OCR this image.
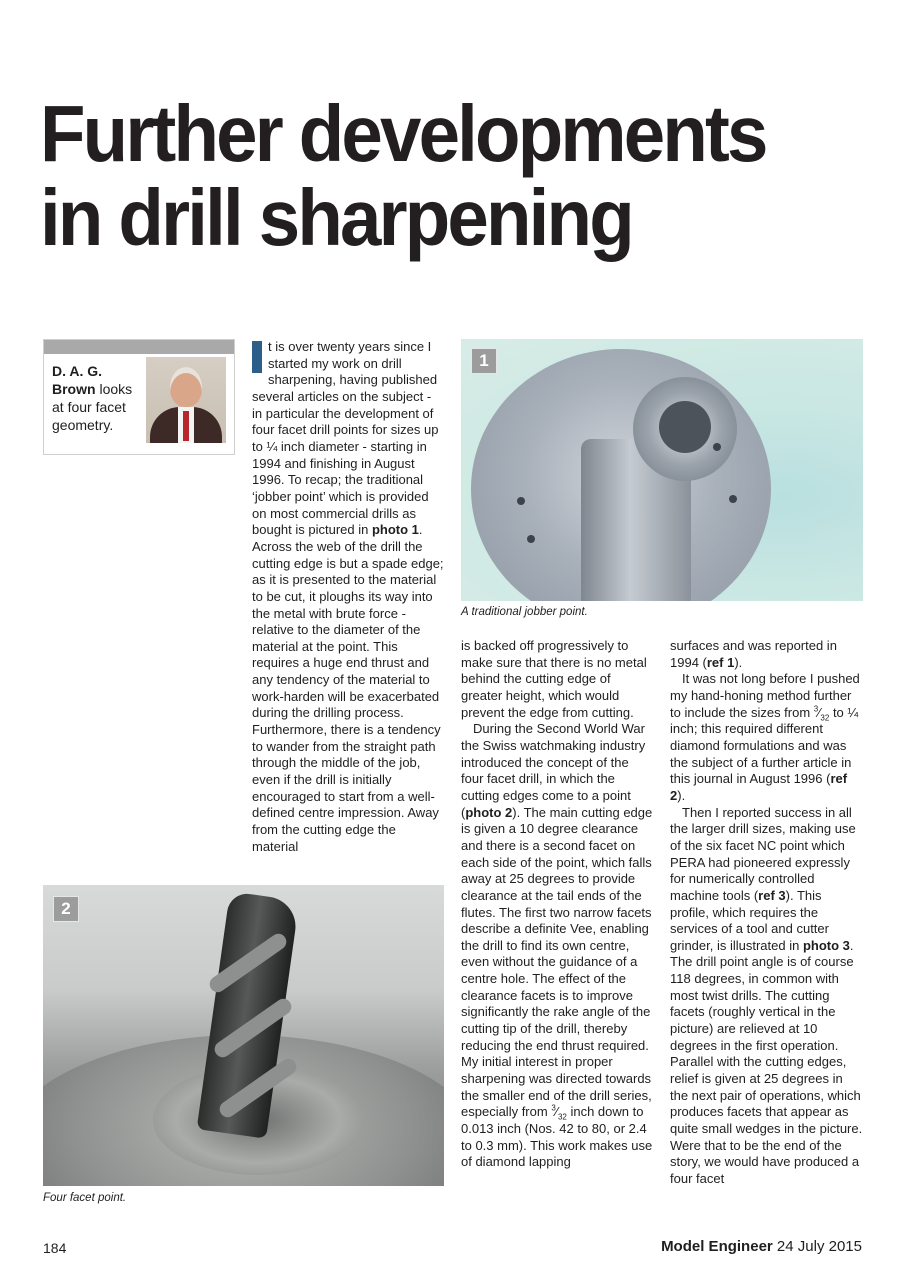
Further developments
in drill sharpening
D. A. G.
Brown looks at four facet geometry.

t is over twenty years since I started my work on drill sharpening, having published several articles on the subject - in particular the development of four facet drill points for sizes up to ¼ inch diameter - starting in 1994 and finishing in August 1996. To recap; the traditional ‘jobber point’ which is provided on most commercial drills as bought is pictured in photo 1. Across the web of the drill the cutting edge is but a spade edge; as it is presented to the material to be cut, it ploughs its way into the metal with brute force - relative to the diameter of the material at the point. This requires a huge end thrust and any tendency of the material to work-harden will be exacerbated during the drilling process. Furthermore, there is a tendency to wander from the straight path through the middle of the job, even if the drill is initially encouraged to start from a well-defined centre impression. Away from the cutting edge the material

1
A traditional jobber point.

is backed off progressively to make sure that there is no metal behind the cutting edge of greater height, which would prevent the edge from cutting.

During the Second World War the Swiss watchmaking industry introduced the concept of the four facet drill, in which the cutting edges come to a point (photo 2). The main cutting edge is given a 10 degree clearance and there is a second facet on each side of the point, which falls away at 25 degrees to provide clearance at the tail ends of the flutes. The first two narrow facets describe a definite Vee, enabling the drill to find its own centre, even without the guidance of a centre hole. The effect of the clearance facets is to improve significantly the rake angle of the cutting tip of the drill, thereby reducing the end thrust required. My initial interest in proper sharpening was directed towards the smaller end of the drill series, especially from $^3⁄_{32}$ inch down to 0.013 inch (Nos. 42 to 80, or 2.4 to 0.3 mm). This work makes use of diamond lapping

surfaces and was reported in 1994 (ref 1).

It was not long before I pushed my hand-honing method further to include the sizes from $^3⁄_{32}$ to ¼ inch; this required different diamond formulations and was the subject of a further article in this journal in August 1996 (ref 2).

Then I reported success in all the larger drill sizes, making use of the six facet NC point which PERA had pioneered expressly for numerically controlled machine tools (ref 3). This profile, which requires the services of a tool and cutter grinder, is illustrated in photo 3. The drill point angle is of course 118 degrees, in common with most twist drills. The cutting facets (roughly vertical in the picture) are relieved at 10 degrees in the first operation. Parallel with the cutting edges, relief is given at 25 degrees in the next pair of operations, which produces facets that appear as quite small wedges in the picture. Were that to be the end of the story, we would have produced a four facet

2
Four facet point.
184	Model Engineer 24 July 2015
